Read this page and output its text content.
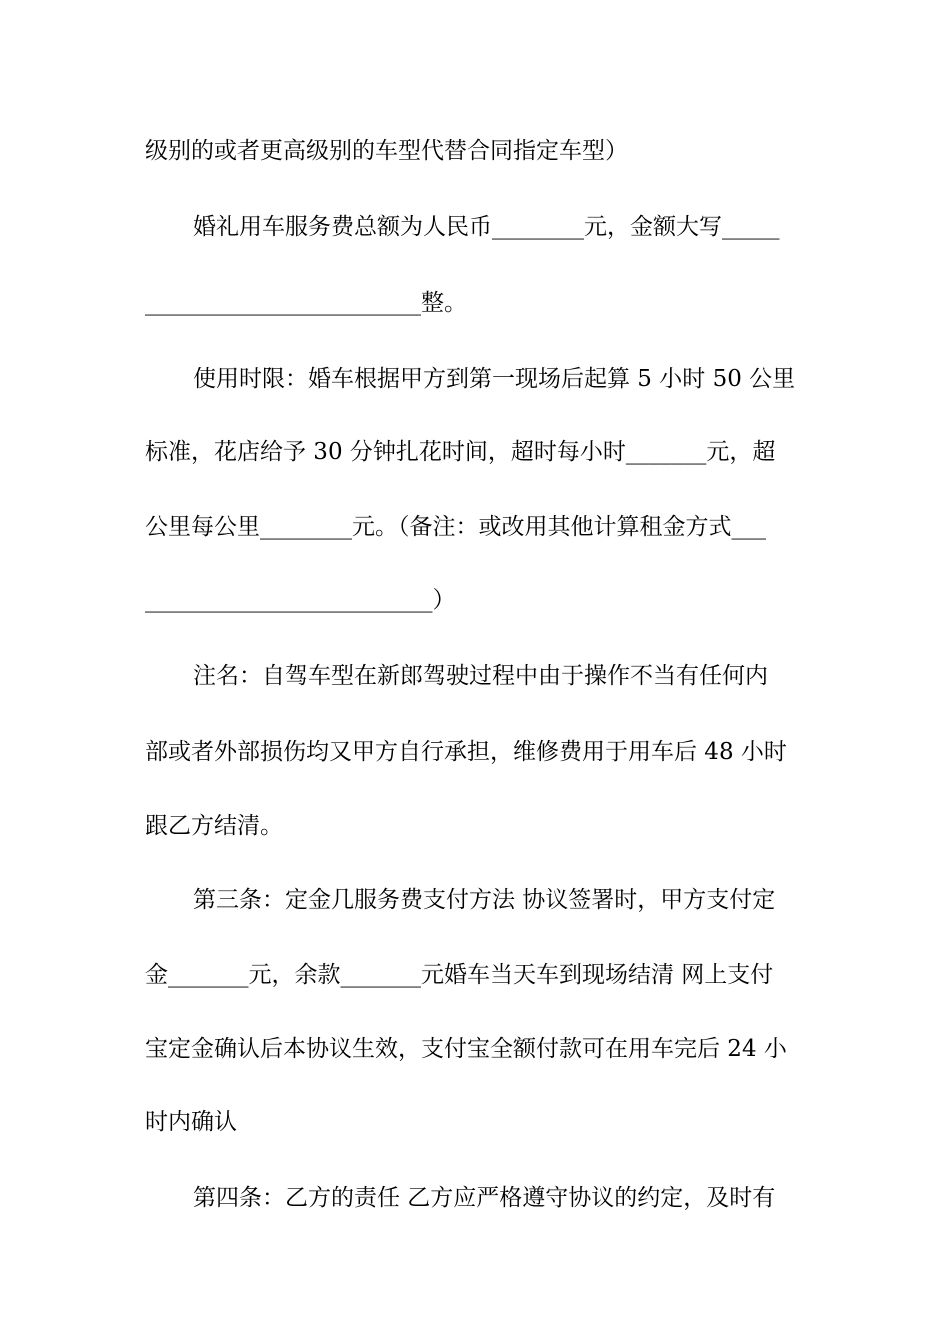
级别的或者更高级别的车型代替合同指定车型）
婚礼用车服务费总额为人民币________元，金额大写_____
________________________整。
使用时限：婚车根据甲方到第一现场后起算 5 小时 50 公里
标准，花店给予 30 分钟扎花时间，超时每小时_______元，超
公里每公里________元。（备注：或改用其他计算租金方式___
_________________________）
注名：自驾车型在新郎驾驶过程中由于操作不当有任何内
部或者外部损伤均又甲方自行承担，维修费用于用车后 48 小时
跟乙方结清。
第三条：定金几服务费支付方法 协议签署时，甲方支付定
金_______元，余款_______元婚车当天车到现场结清 网上支付
宝定金确认后本协议生效，支付宝全额付款可在用车完后 24 小
时内确认
第四条：乙方的责任 乙方应严格遵守协议的约定，及时有
